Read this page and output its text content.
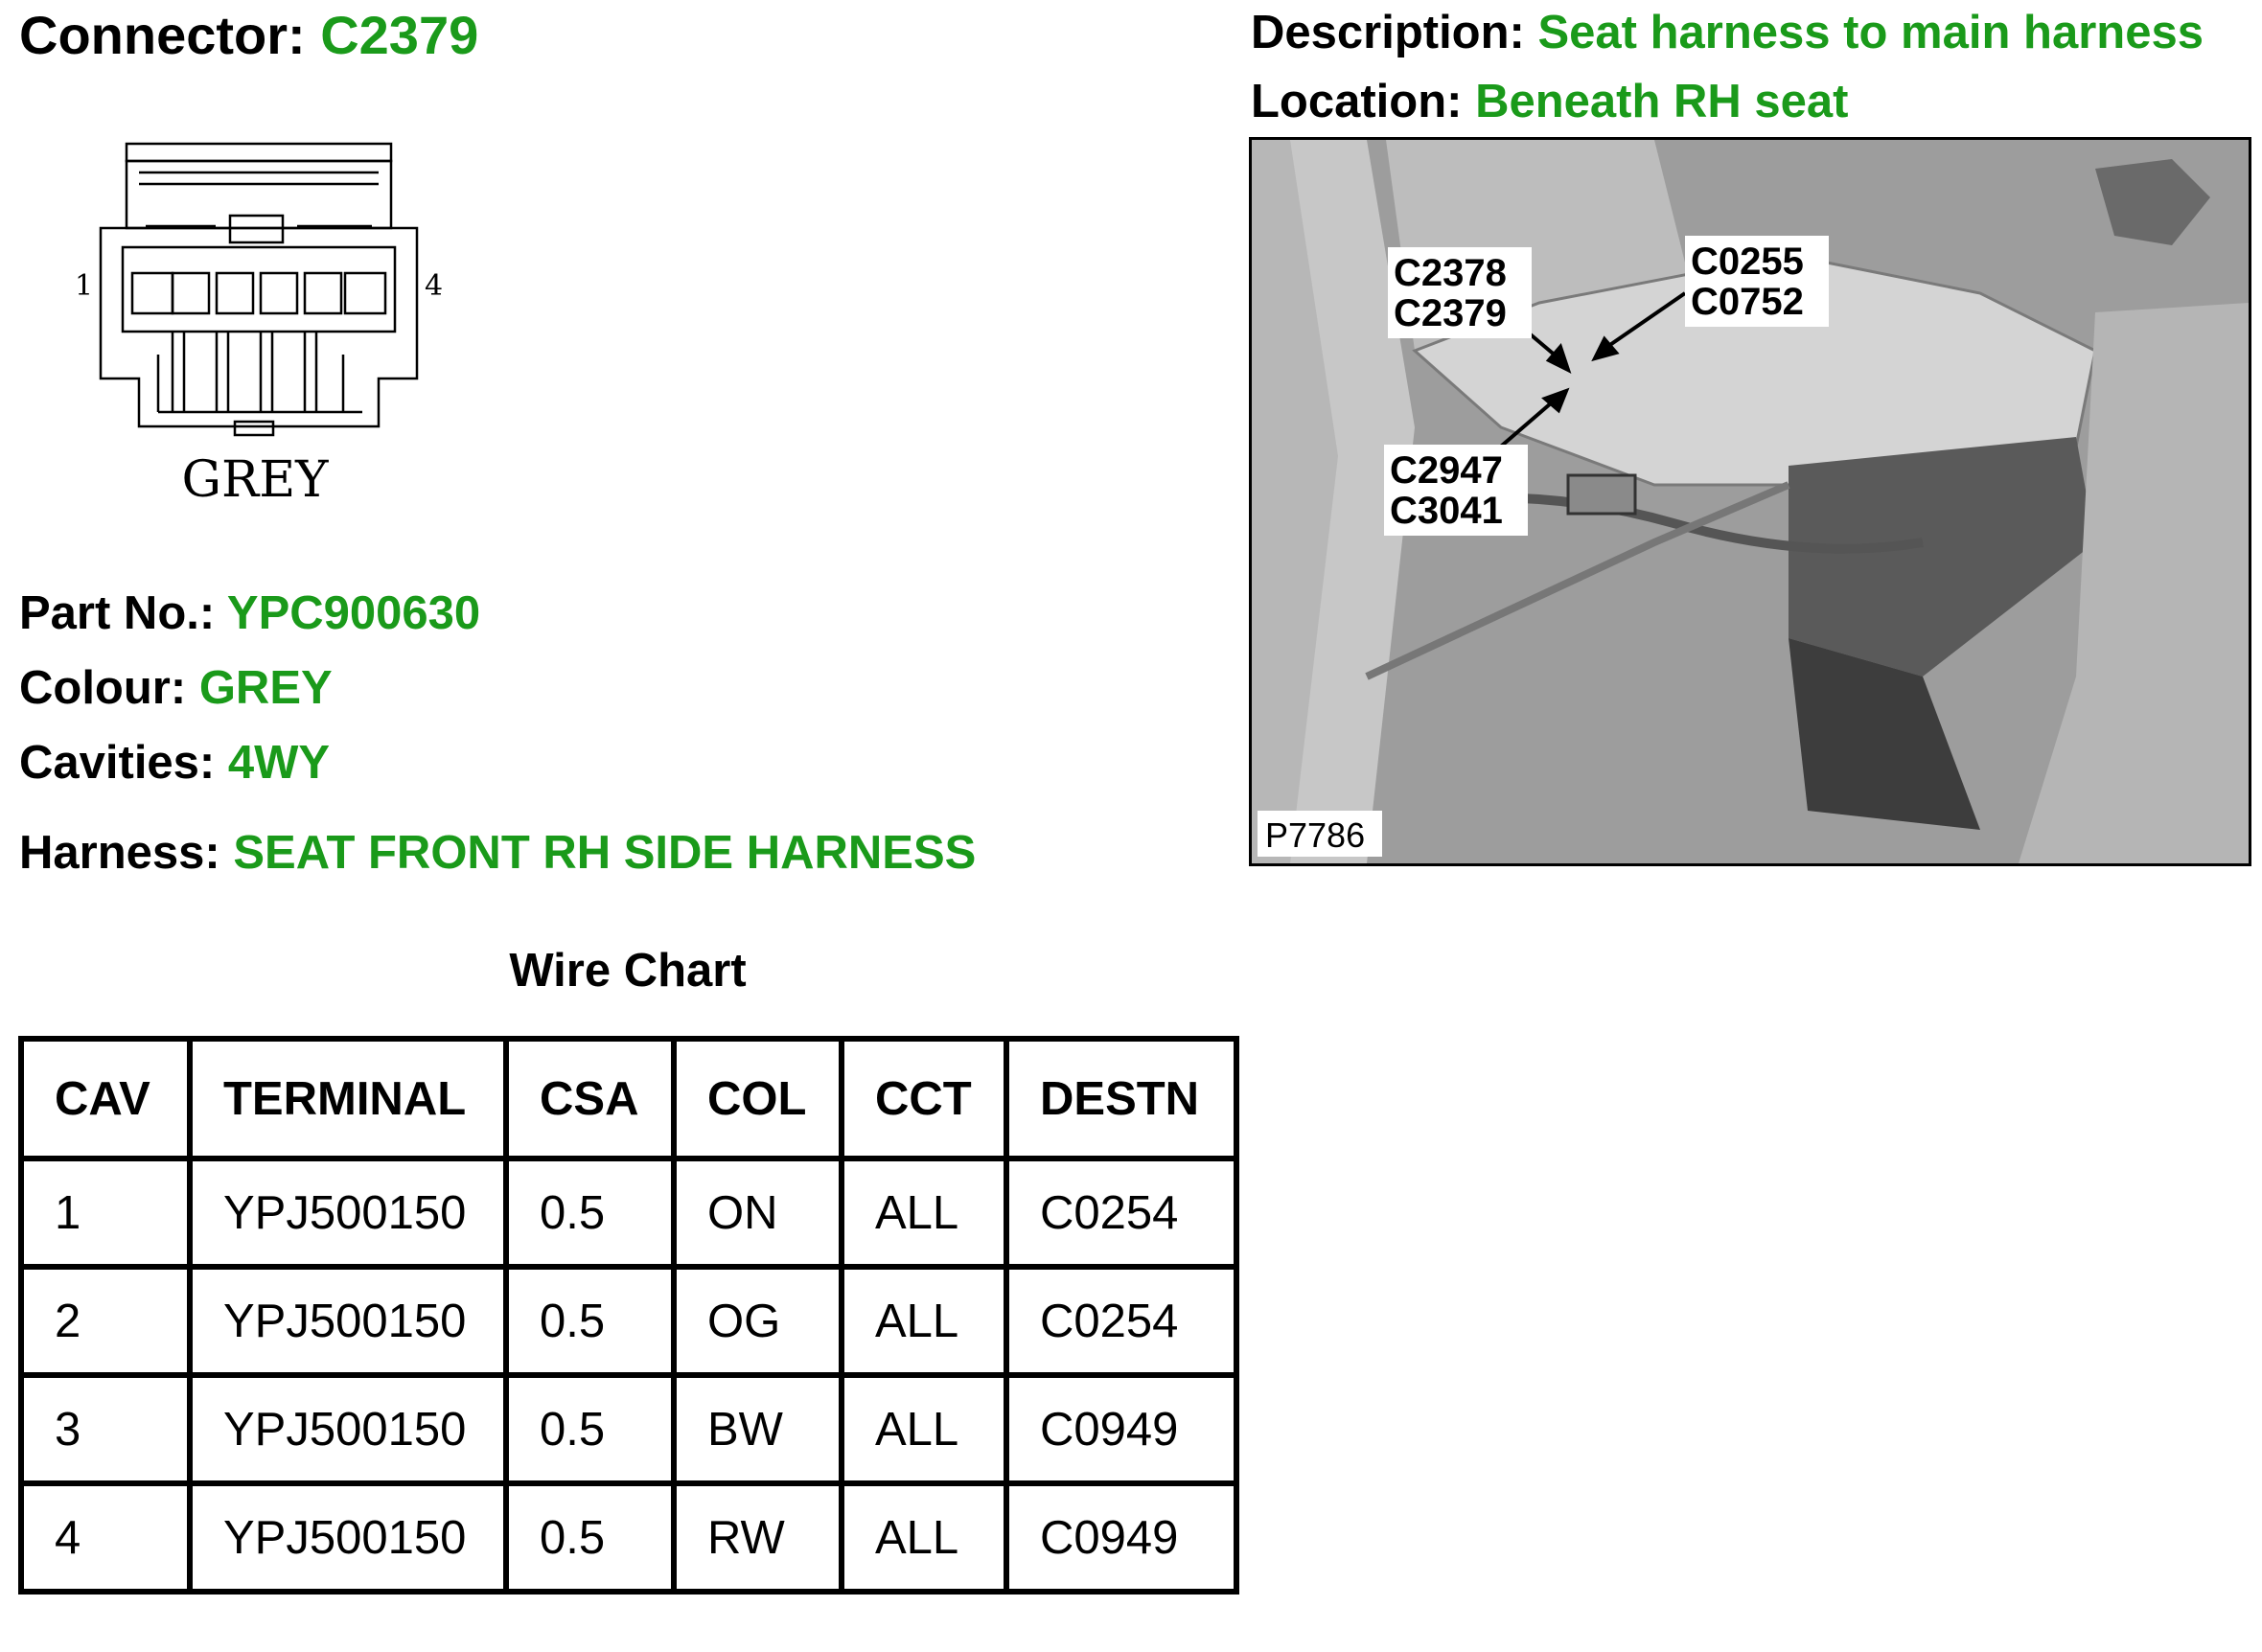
Connector: C2379	Description: Seat harness to main harness
Location: Beneath RH seat
1	4
GREY
Part No.: YPC900630
Colour: GREY
Cavities: 4WY
Harness: SEAT FRONT RH SIDE HARNESS
C2378
C2379
C0255
C0752
C2947
C3041
P7786
Wire Chart
CAV	TERMINAL	CSA	COL	CCT	DESTN
1	YPJ500150	0.5	ON	ALL	C0254
2	YPJ500150	0.5	OG	ALL	C0254
3	YPJ500150	0.5	BW	ALL	C0949
4	YPJ500150	0.5	RW	ALL	C0949
